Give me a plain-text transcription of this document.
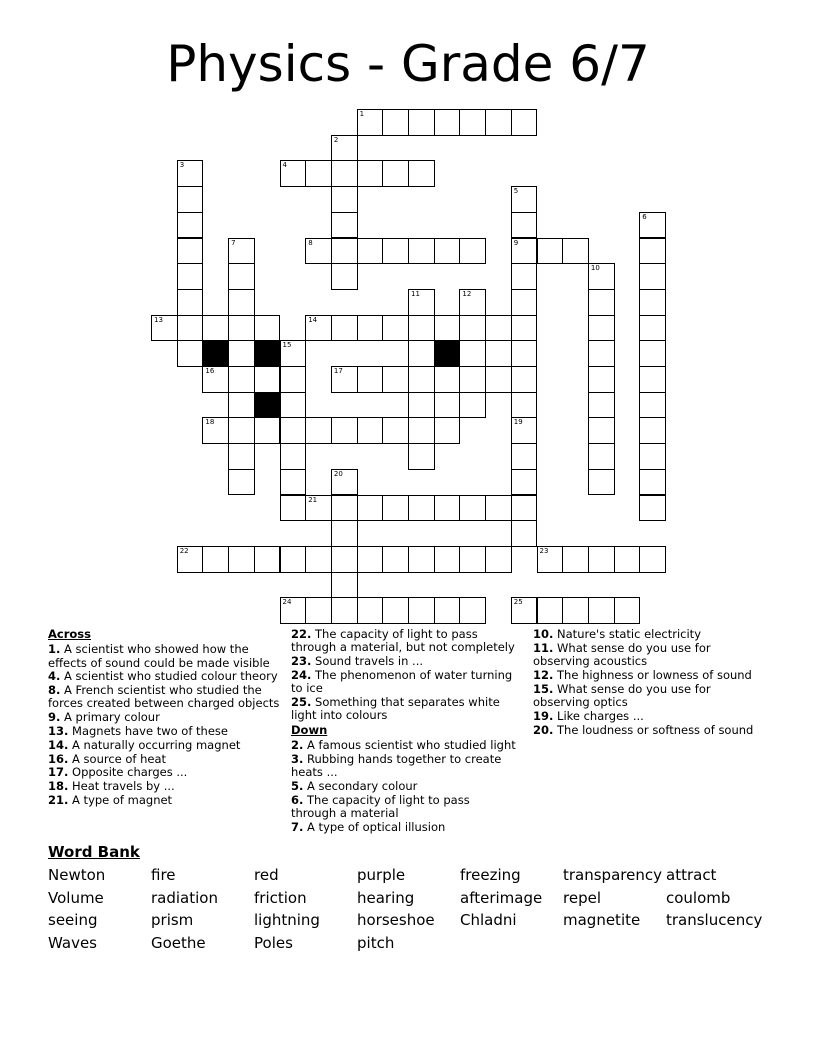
Physics - Grade 6/7
1
4
8	9
13	14
16	17
18
21
22	23
24	25
2
3
5
19
6
7
10
11	12
15
20
Across
1. A scientist who showed how the effects of sound could be made visible
4. A scientist who studied colour theory
8. A French scientist who studied the forces created between charged objects
9. A primary colour
13. Magnets have two of these
14. A naturally occurring magnet
16. A source of heat
17. Opposite charges ...
18. Heat travels by ...
21. A type of magnet
22. The capacity of light to pass through a material, but not completely
23. Sound travels in ...
24. The phenomenon of water turning to ice
25. Something that separates white light into colours
Down
2. A famous scientist who studied light
3. Rubbing hands together to create heats ...
5. A secondary colour
6. The capacity of light to pass through a material
7. A type of optical illusion
10. Nature's static electricity
11. What sense do you use for observing acoustics
12. The highness or lowness of sound
15. What sense do you use for observing optics
19. Like charges ...
20. The loudness or softness of sound
Word Bank
Newton	fire	red	purple	freezing	transparency attract
Volume	radiation	friction	hearing	afterimage	repel	coulomb
seeing	prism	lightning	horseshoe	Chladni	magnetite	translucency
Waves	Goethe	Poles	pitch
